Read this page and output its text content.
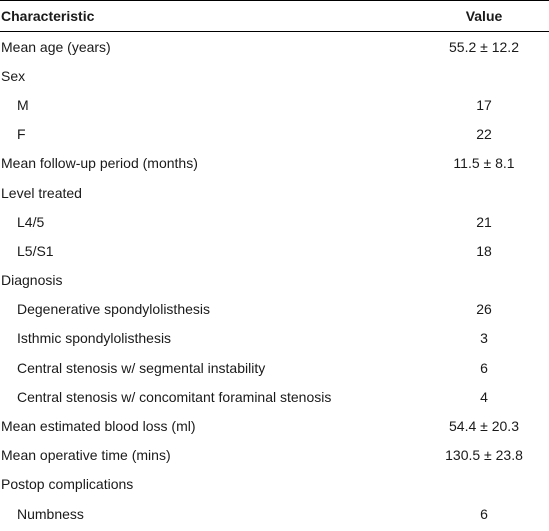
Characteristic	Value
Mean age (years)	55.2 ± 12.2
Sex
M	17
F	22
Mean follow-up period (months)	11.5 ± 8.1
Level treated
L4/5	21
L5/S1	18
Diagnosis
Degenerative spondylolisthesis	26
Isthmic spondylolisthesis	3
Central stenosis w/ segmental instability	6
Central stenosis w/ concomitant foraminal stenosis	4
Mean estimated blood loss (ml)	54.4 ± 20.3
Mean operative time (mins)	130.5 ± 23.8
Postop complications
Numbness	6
